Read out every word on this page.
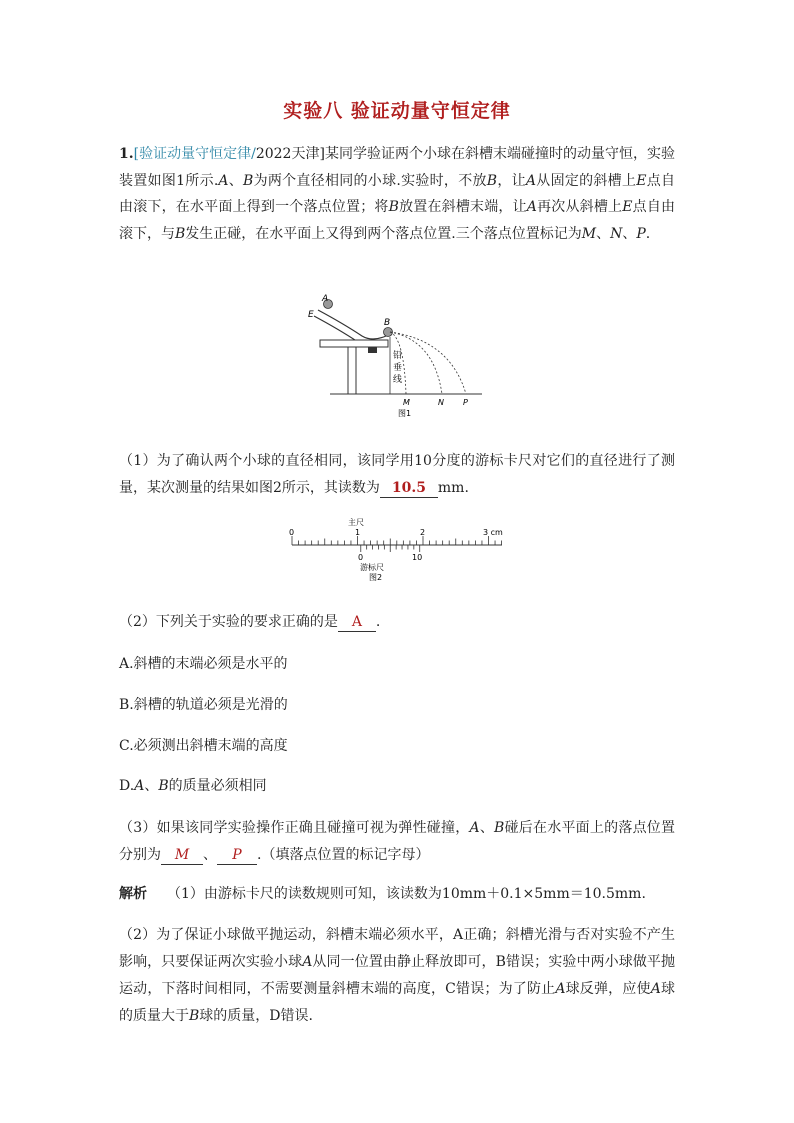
实验八 验证动量守恒定律
1.[验证动量守恒定律/2022天津]某同学验证两个小球在斜槽末端碰撞时的动量守恒，实验装置如图1所示.A、B为两个直径相同的小球.实验时，不放B，让A从固定的斜槽上E点自由滚下，在水平面上得到一个落点位置；将B放置在斜槽末端，让A再次从斜槽上E点自由滚下，与B发生正碰，在水平面上又得到两个落点位置.三个落点位置标记为M、N、P.
A
E
B
铅
垂
线
M	N P
图1
（1）为了确认两个小球的直径相同，该同学用10分度的游标卡尺对它们的直径进行了测量，某次测量的结果如图2所示，其读数为 10.5 mm.
主尺
0	1	2	3 cm
0	10
游标尺
图2
（2）下列关于实验的要求正确的是 A .
A.斜槽的末端必须是水平的
B.斜槽的轨道必须是光滑的
C.必须测出斜槽末端的高度
D.A、B的质量必须相同
（3）如果该同学实验操作正确且碰撞可视为弹性碰撞，A、B碰后在水平面上的落点位置分别为 M 、 P .（填落点位置的标记字母）
解析 （1）由游标卡尺的读数规则可知，该读数为10mm＋0.1×5mm＝10.5mm.
（2）为了保证小球做平抛运动，斜槽末端必须水平，A正确；斜槽光滑与否对实验不产生影响，只要保证两次实验小球A从同一位置由静止释放即可，B错误；实验中两小球做平抛运动，下落时间相同，不需要测量斜槽末端的高度，C错误；为了防止A球反弹，应使A球的质量大于B球的质量，D错误.
